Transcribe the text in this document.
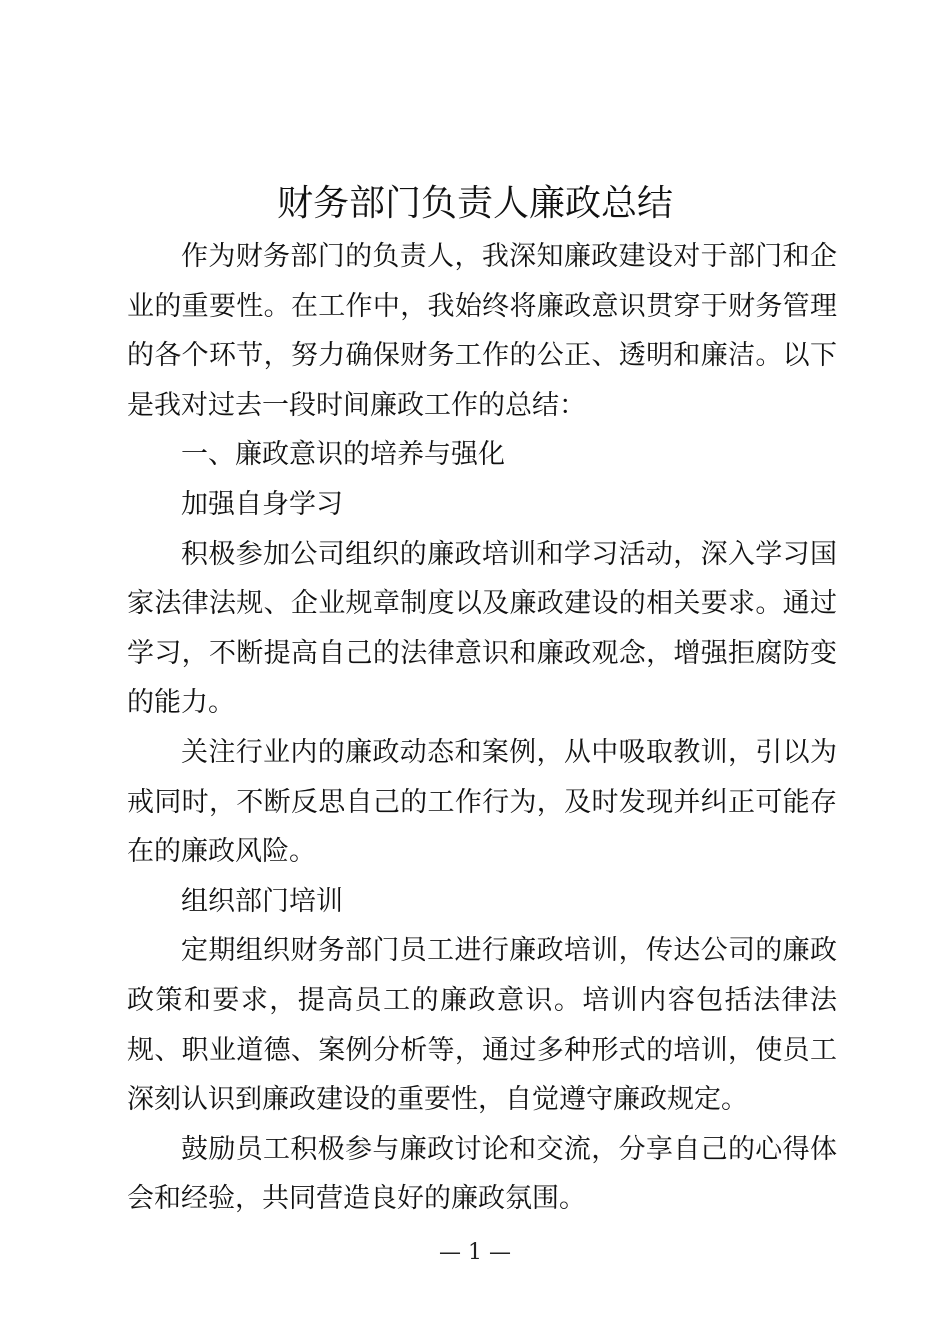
财务部门负责人廉政总结

作为财务部门的负责人，我深知廉政建设对于部门和企业的重要性。在工作中，我始终将廉政意识贯穿于财务管理的各个环节，努力确保财务工作的公正、透明和廉洁。以下是我对过去一段时间廉政工作的总结：

一、廉政意识的培养与强化

加强自身学习

积极参加公司组织的廉政培训和学习活动，深入学习国家法律法规、企业规章制度以及廉政建设的相关要求。通过学习，不断提高自己的法律意识和廉政观念，增强拒腐防变的能力。

关注行业内的廉政动态和案例，从中吸取教训，引以为戒同时，不断反思自己的工作行为，及时发现并纠正可能存在的廉政风险。

组织部门培训

定期组织财务部门员工进行廉政培训，传达公司的廉政政策和要求，提高员工的廉政意识。培训内容包括法律法规、职业道德、案例分析等，通过多种形式的培训，使员工深刻认识到廉政建设的重要性，自觉遵守廉政规定。

鼓励员工积极参与廉政讨论和交流，分享自己的心得体会和经验，共同营造良好的廉政氛围。

— 1 —
